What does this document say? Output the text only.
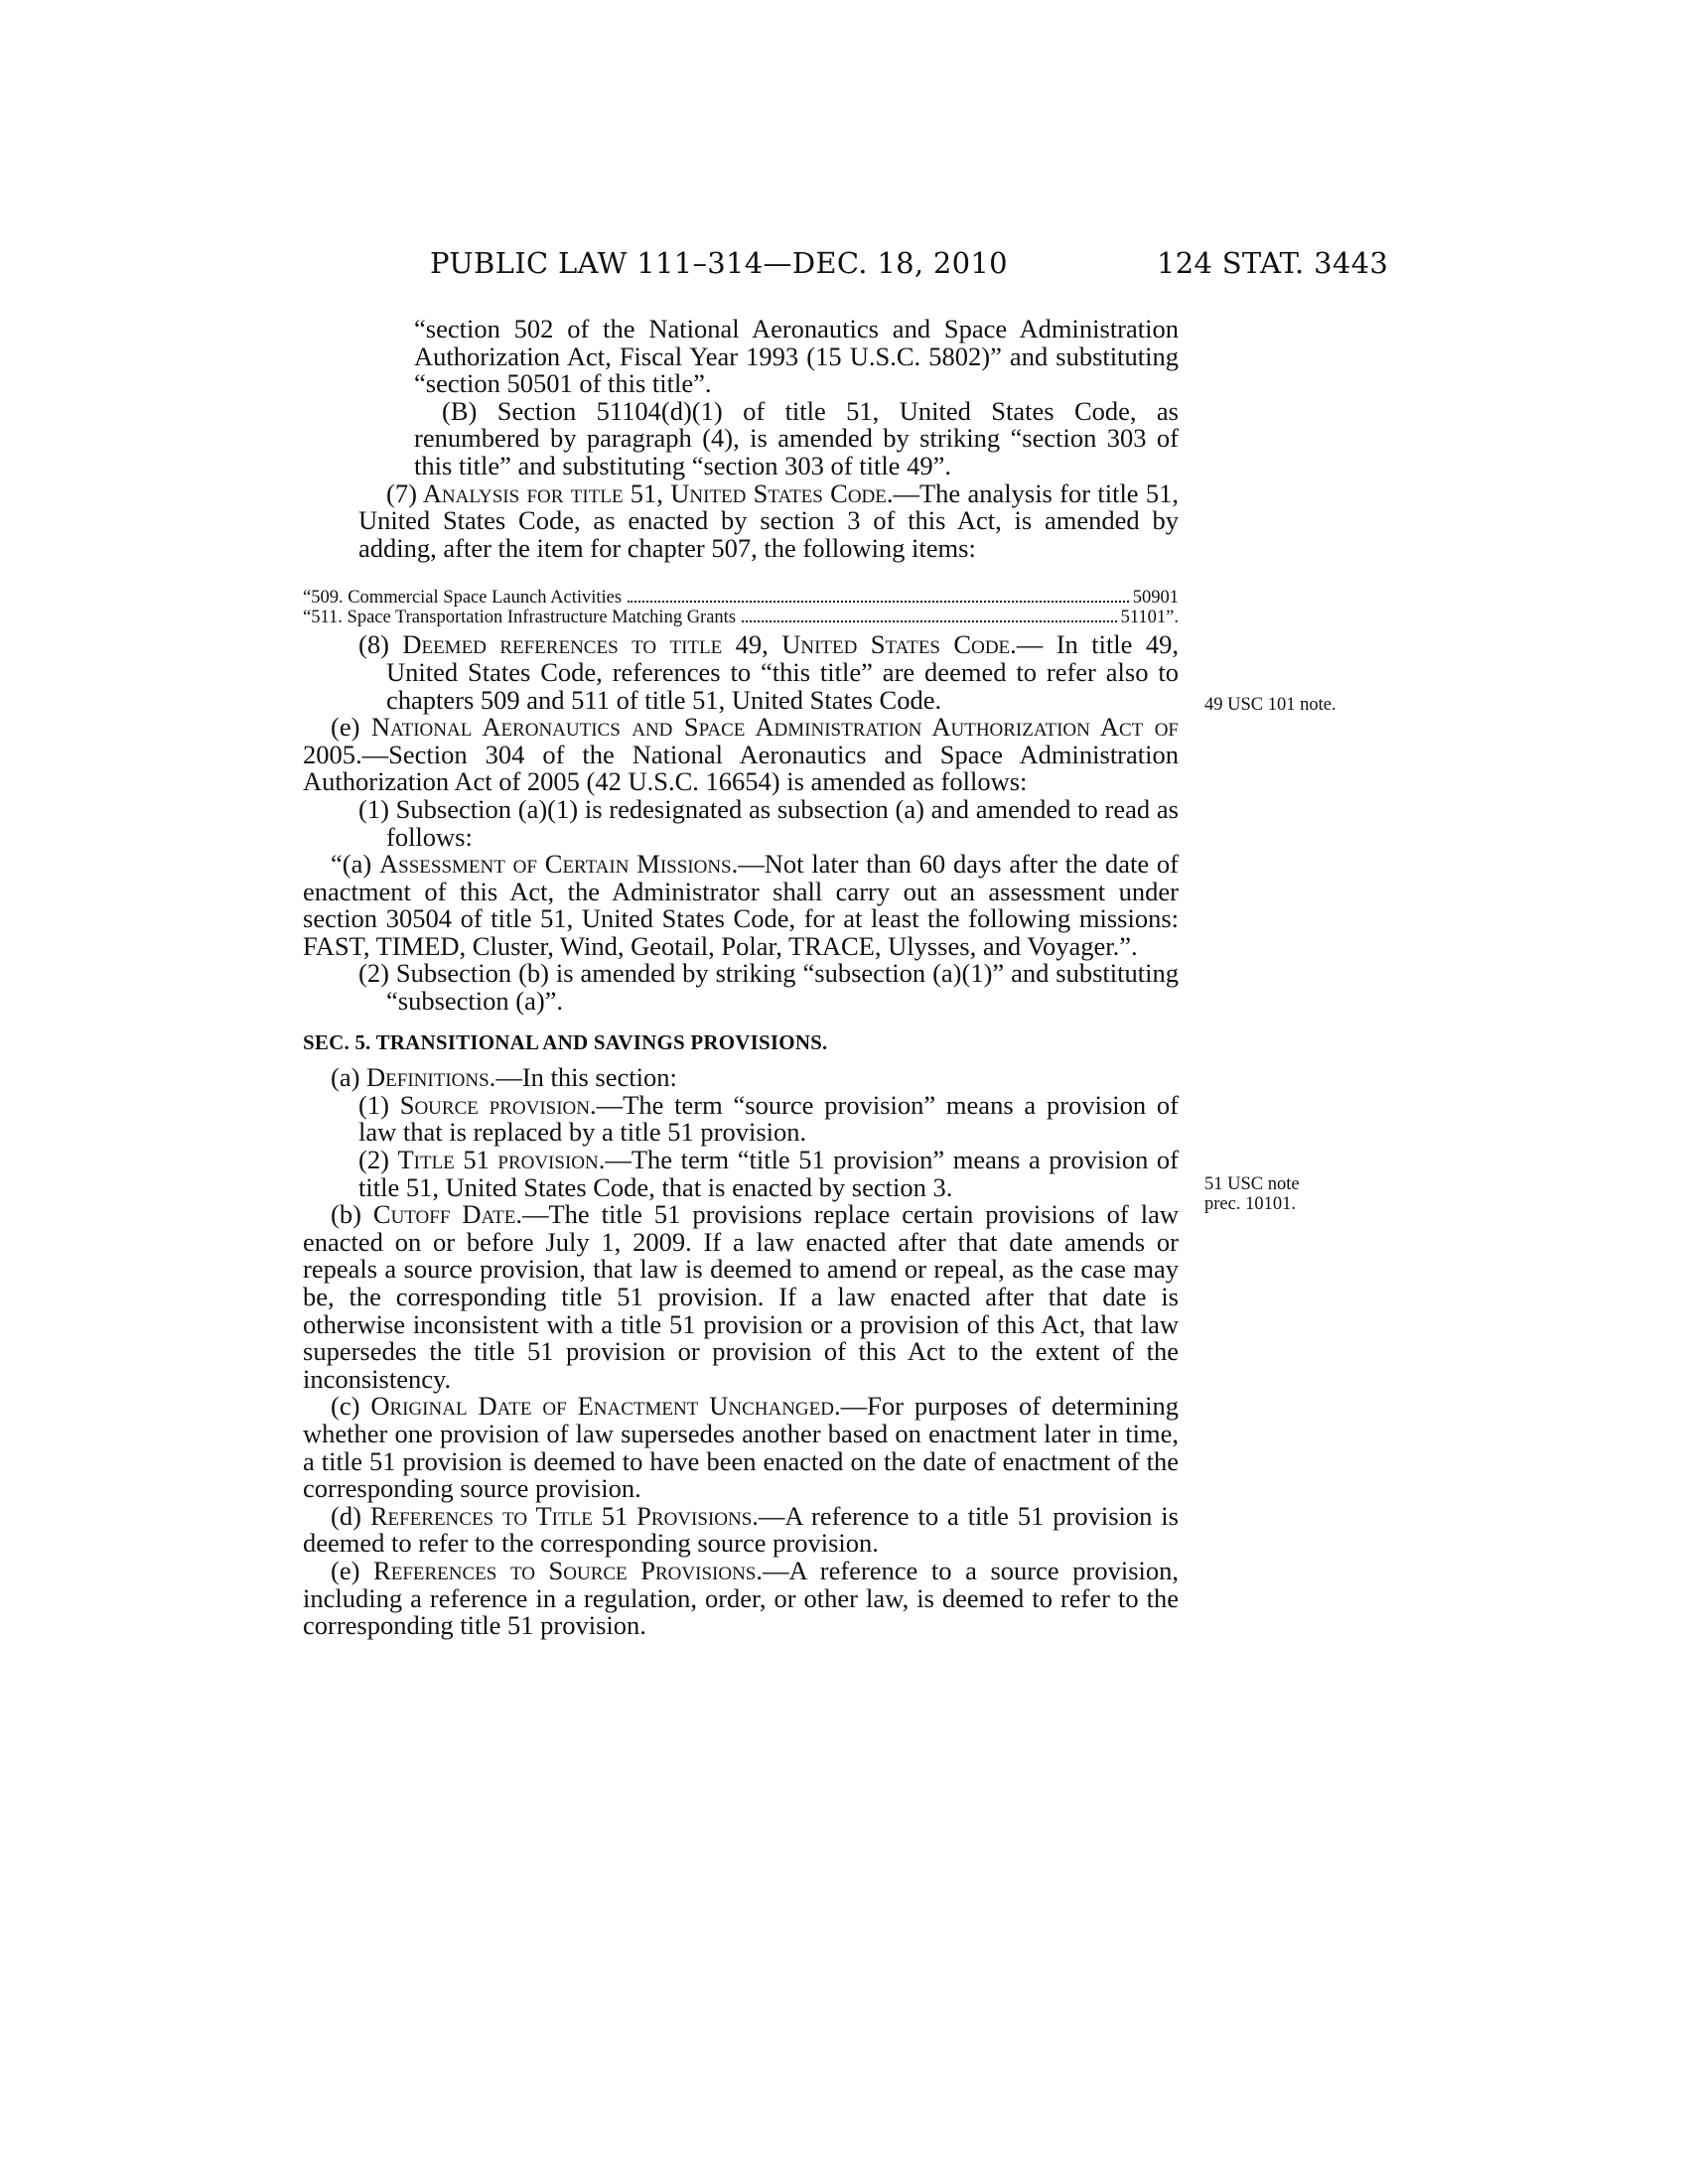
PUBLIC LAW 111–314—DEC. 18, 2010	124 STAT. 3443
49 USC 101 note.
51 USC note
prec. 10101.

“section 502 of the National Aeronautics and Space Administration Authorization Act, Fiscal Year 1993 (15 U.S.C. 5802)” and substituting “section 50501 of this title”.

(B) Section 51104(d)(1) of title 51, United States Code, as renumbered by paragraph (4), is amended by striking “section 303 of this title” and substituting “section 303 of title 49”.

(7) Analysis for title 51, United States Code.—The analysis for title 51, United States Code, as enacted by section 3 of this Act, is amended by adding, after the item for chapter 507, the following items:

“509. Commercial Space Launch Activities	50901
“511. Space Transportation Infrastructure Matching Grants	51101”.

(8) Deemed references to title 49, United States Code.— In title 49, United States Code, references to “this title” are deemed to refer also to chapters 509 and 511 of title 51, United States Code.

(e) National Aeronautics and Space Administration Authorization Act of 2005.—Section 304 of the National Aeronautics and Space Administration Authorization Act of 2005 (42 U.S.C. 16654) is amended as follows:

(1) Subsection (a)(1) is redesignated as subsection (a) and amended to read as follows:

“(a) Assessment of Certain Missions.—Not later than 60 days after the date of enactment of this Act, the Administrator shall carry out an assessment under section 30504 of title 51, United States Code, for at least the following missions: FAST, TIMED, Cluster, Wind, Geotail, Polar, TRACE, Ulysses, and Voyager.”.

(2) Subsection (b) is amended by striking “subsection (a)(1)” and substituting “subsection (a)”.

SEC. 5. TRANSITIONAL AND SAVINGS PROVISIONS.

(a) Definitions.—In this section:

(1) Source provision.—The term “source provision” means a provision of law that is replaced by a title 51 provision.

(2) Title 51 provision.—The term “title 51 provision” means a provision of title 51, United States Code, that is enacted by section 3.

(b) Cutoff Date.—The title 51 provisions replace certain provisions of law enacted on or before July 1, 2009. If a law enacted after that date amends or repeals a source provision, that law is deemed to amend or repeal, as the case may be, the corresponding title 51 provision. If a law enacted after that date is otherwise inconsistent with a title 51 provision or a provision of this Act, that law supersedes the title 51 provision or provision of this Act to the extent of the inconsistency.

(c) Original Date of Enactment Unchanged.—For purposes of determining whether one provision of law supersedes another based on enactment later in time, a title 51 provision is deemed to have been enacted on the date of enactment of the corresponding source provision.

(d) References to Title 51 Provisions.—A reference to a title 51 provision is deemed to refer to the corresponding source provision.

(e) References to Source Provisions.—A reference to a source provision, including a reference in a regulation, order, or other law, is deemed to refer to the corresponding title 51 provision.
